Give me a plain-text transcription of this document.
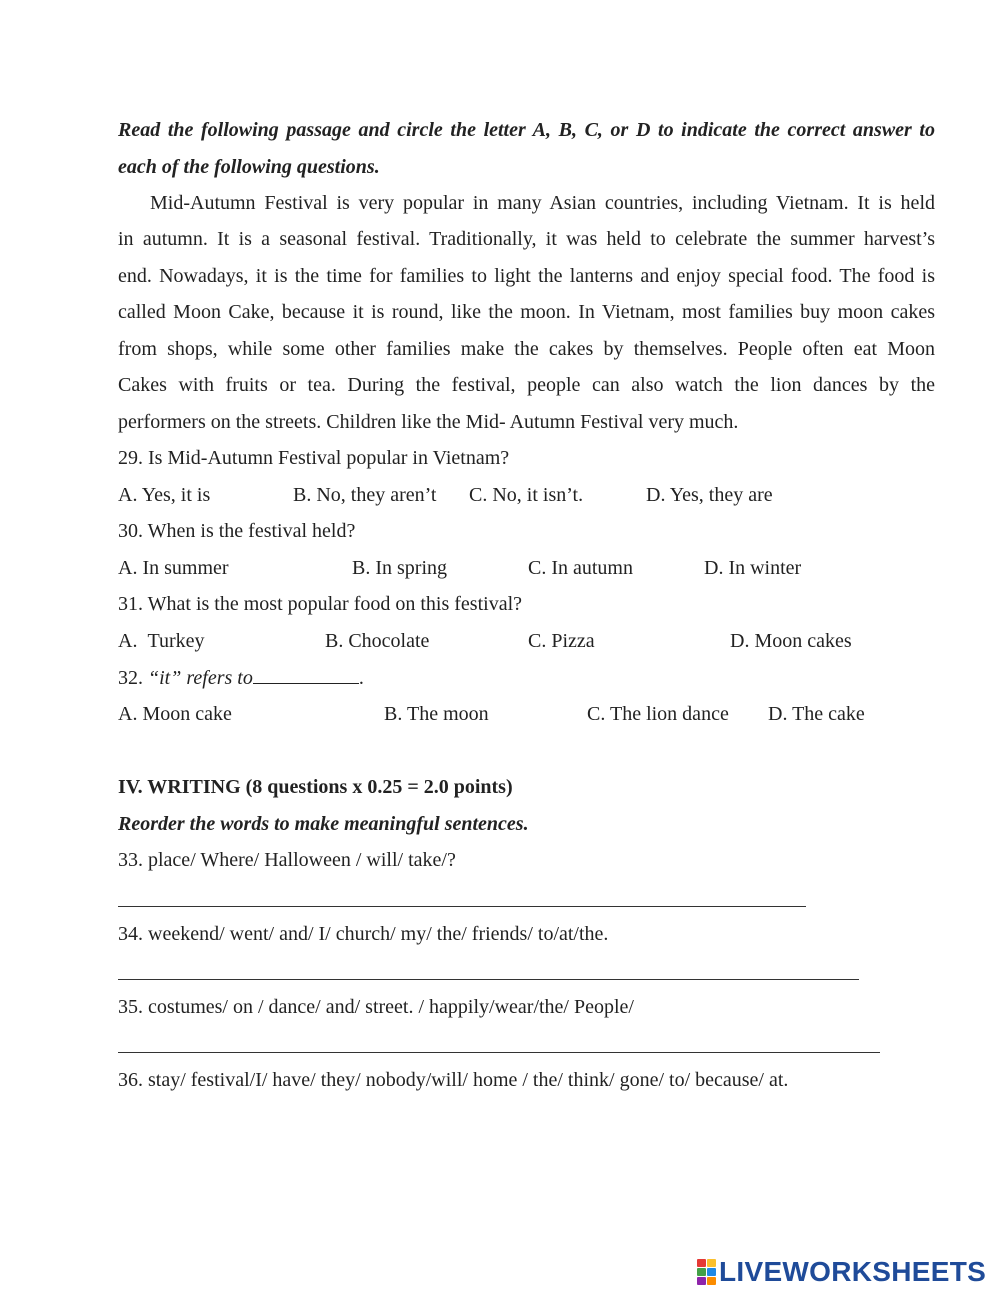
Read the following passage and circle the letter A, B, C, or D to indicate the correct answer to
each of the following questions.
Mid-Autumn Festival is very popular in many Asian countries, including Vietnam. It is held
in autumn. It is a seasonal festival. Traditionally, it was held to celebrate the summer harvest’s
end. Nowadays, it is the time for families to light the lanterns and enjoy special food. The food is
called Moon Cake, because it is round, like the moon. In Vietnam, most families buy moon cakes
from shops, while some other families make the cakes by themselves. People often eat Moon
Cakes with fruits or tea. During the festival, people can also watch the lion dances by the
performers on the streets. Children like the Mid- Autumn Festival very much.
29. Is Mid-Autumn Festival popular in Vietnam?
A. Yes, it is	B. No, they aren’t C. No, it isn’t.	D. Yes, they are
30. When is the festival held?
A. In summer	B. In spring	C. In autumn	D. In winter
31. What is the most popular food on this festival?
A.  Turkey	B. Chocolate	C. Pizza	D. Moon cakes
32. “it” refers to	.
A. Moon cake	B. The moon	C. The lion dance D. The cake
IV. WRITING (8 questions x 0.25 = 2.0 points)
Reorder the words to make meaningful sentences.
33. place/ Where/ Halloween / will/ take/?
34. weekend/ went/ and/ I/ church/ my/ the/ friends/ to/at/the.
35. costumes/ on / dance/ and/ street. / happily/wear/the/ People/
36. stay/ festival/I/ have/ they/ nobody/will/ home / the/ think/ gone/ to/ because/ at.
LIVEWORKSHEETS
